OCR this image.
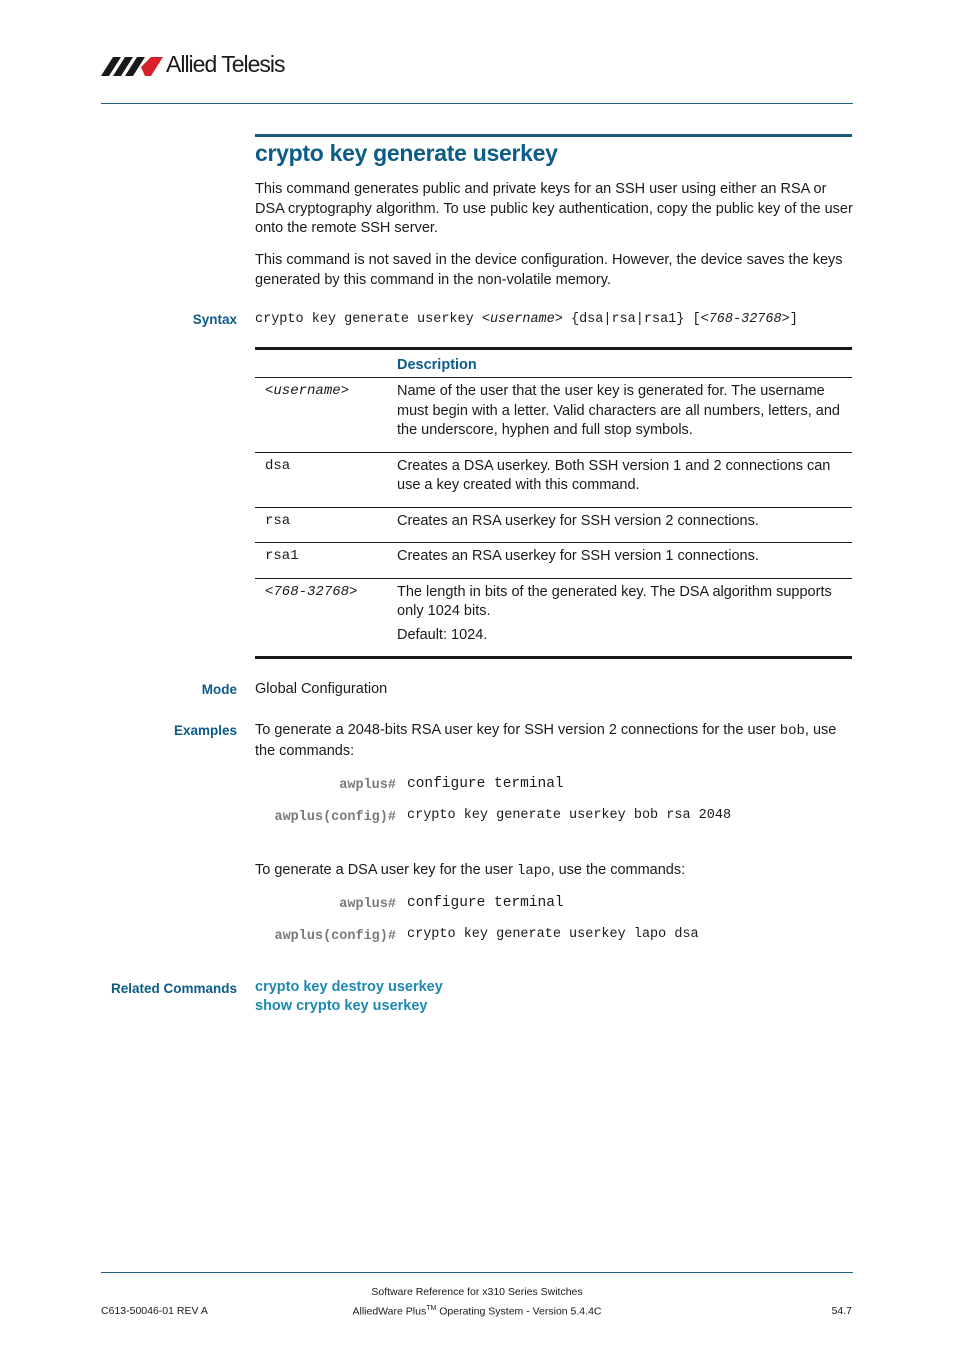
Allied Telesis
crypto key generate userkey

This command generates public and private keys for an SSH user using either an RSA or DSA cryptography algorithm. To use public key authentication, copy the public key of the user onto the remote SSH server.

This command is not saved in the device configuration. However, the device saves the keys generated by this command in the non-volatile memory.

Syntax crypto key generate userkey <username> {dsa|rsa|rsa1} [<768-32768>]
	Description
<username>	Name of the user that the user key is generated for. The username must begin with a letter. Valid characters are all numbers, letters, and the underscore, hyphen and full stop symbols.
dsa	Creates a DSA userkey. Both SSH version 1 and 2 connections can use a key created with this command.
rsa	Creates an RSA userkey for SSH version 2 connections.
rsa1	Creates an RSA userkey for SSH version 1 connections.
<768-32768>	The length in bits of the generated key. The DSA algorithm supports only 1024 bits.
Default: 1024.
Mode Global Configuration

Examples To generate a 2048-bits RSA user key for SSH version 2 connections for the user bob, use the commands:

awplus# configure terminal
awplus(config)# crypto key generate userkey bob rsa 2048

To generate a DSA user key for the user lapo, use the commands:

awplus# configure terminal
awplus(config)# crypto key generate userkey lapo dsa
Related Commands crypto key destroy userkey
show crypto key userkey
C613-50046-01 REV A
Software Reference for x310 Series Switches
AlliedWare Plus™ Operating System - Version 5.4.4C	54.7
